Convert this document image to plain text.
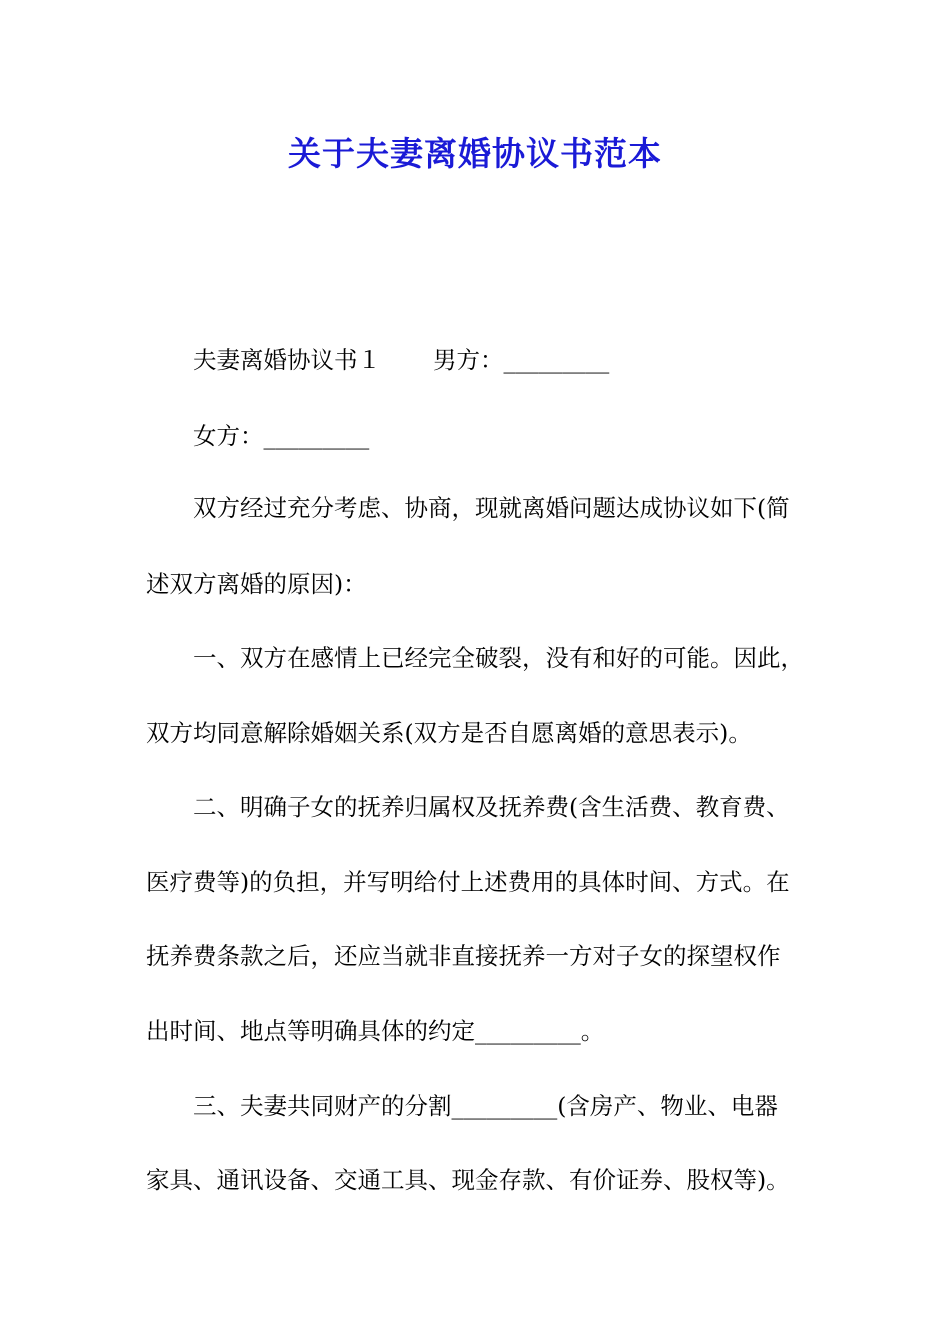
关于夫妻离婚协议书范本
夫妻离婚协议书１ 男方：_________
女方：_________
双方经过充分考虑、协商，现就离婚问题达成协议如下(简
述双方离婚的原因)：
一、双方在感情上已经完全破裂，没有和好的可能。因此，
双方均同意解除婚姻关系(双方是否自愿离婚的意思表示)。
二、明确子女的抚养归属权及抚养费(含生活费、教育费、
医疗费等)的负担，并写明给付上述费用的具体时间、方式。在
抚养费条款之后，还应当就非直接抚养一方对子女的探望权作
出时间、地点等明确具体的约定_________。
三、夫妻共同财产的分割_________(含房产、物业、电器
家具、通讯设备、交通工具、现金存款、有价证券、股权等)。
